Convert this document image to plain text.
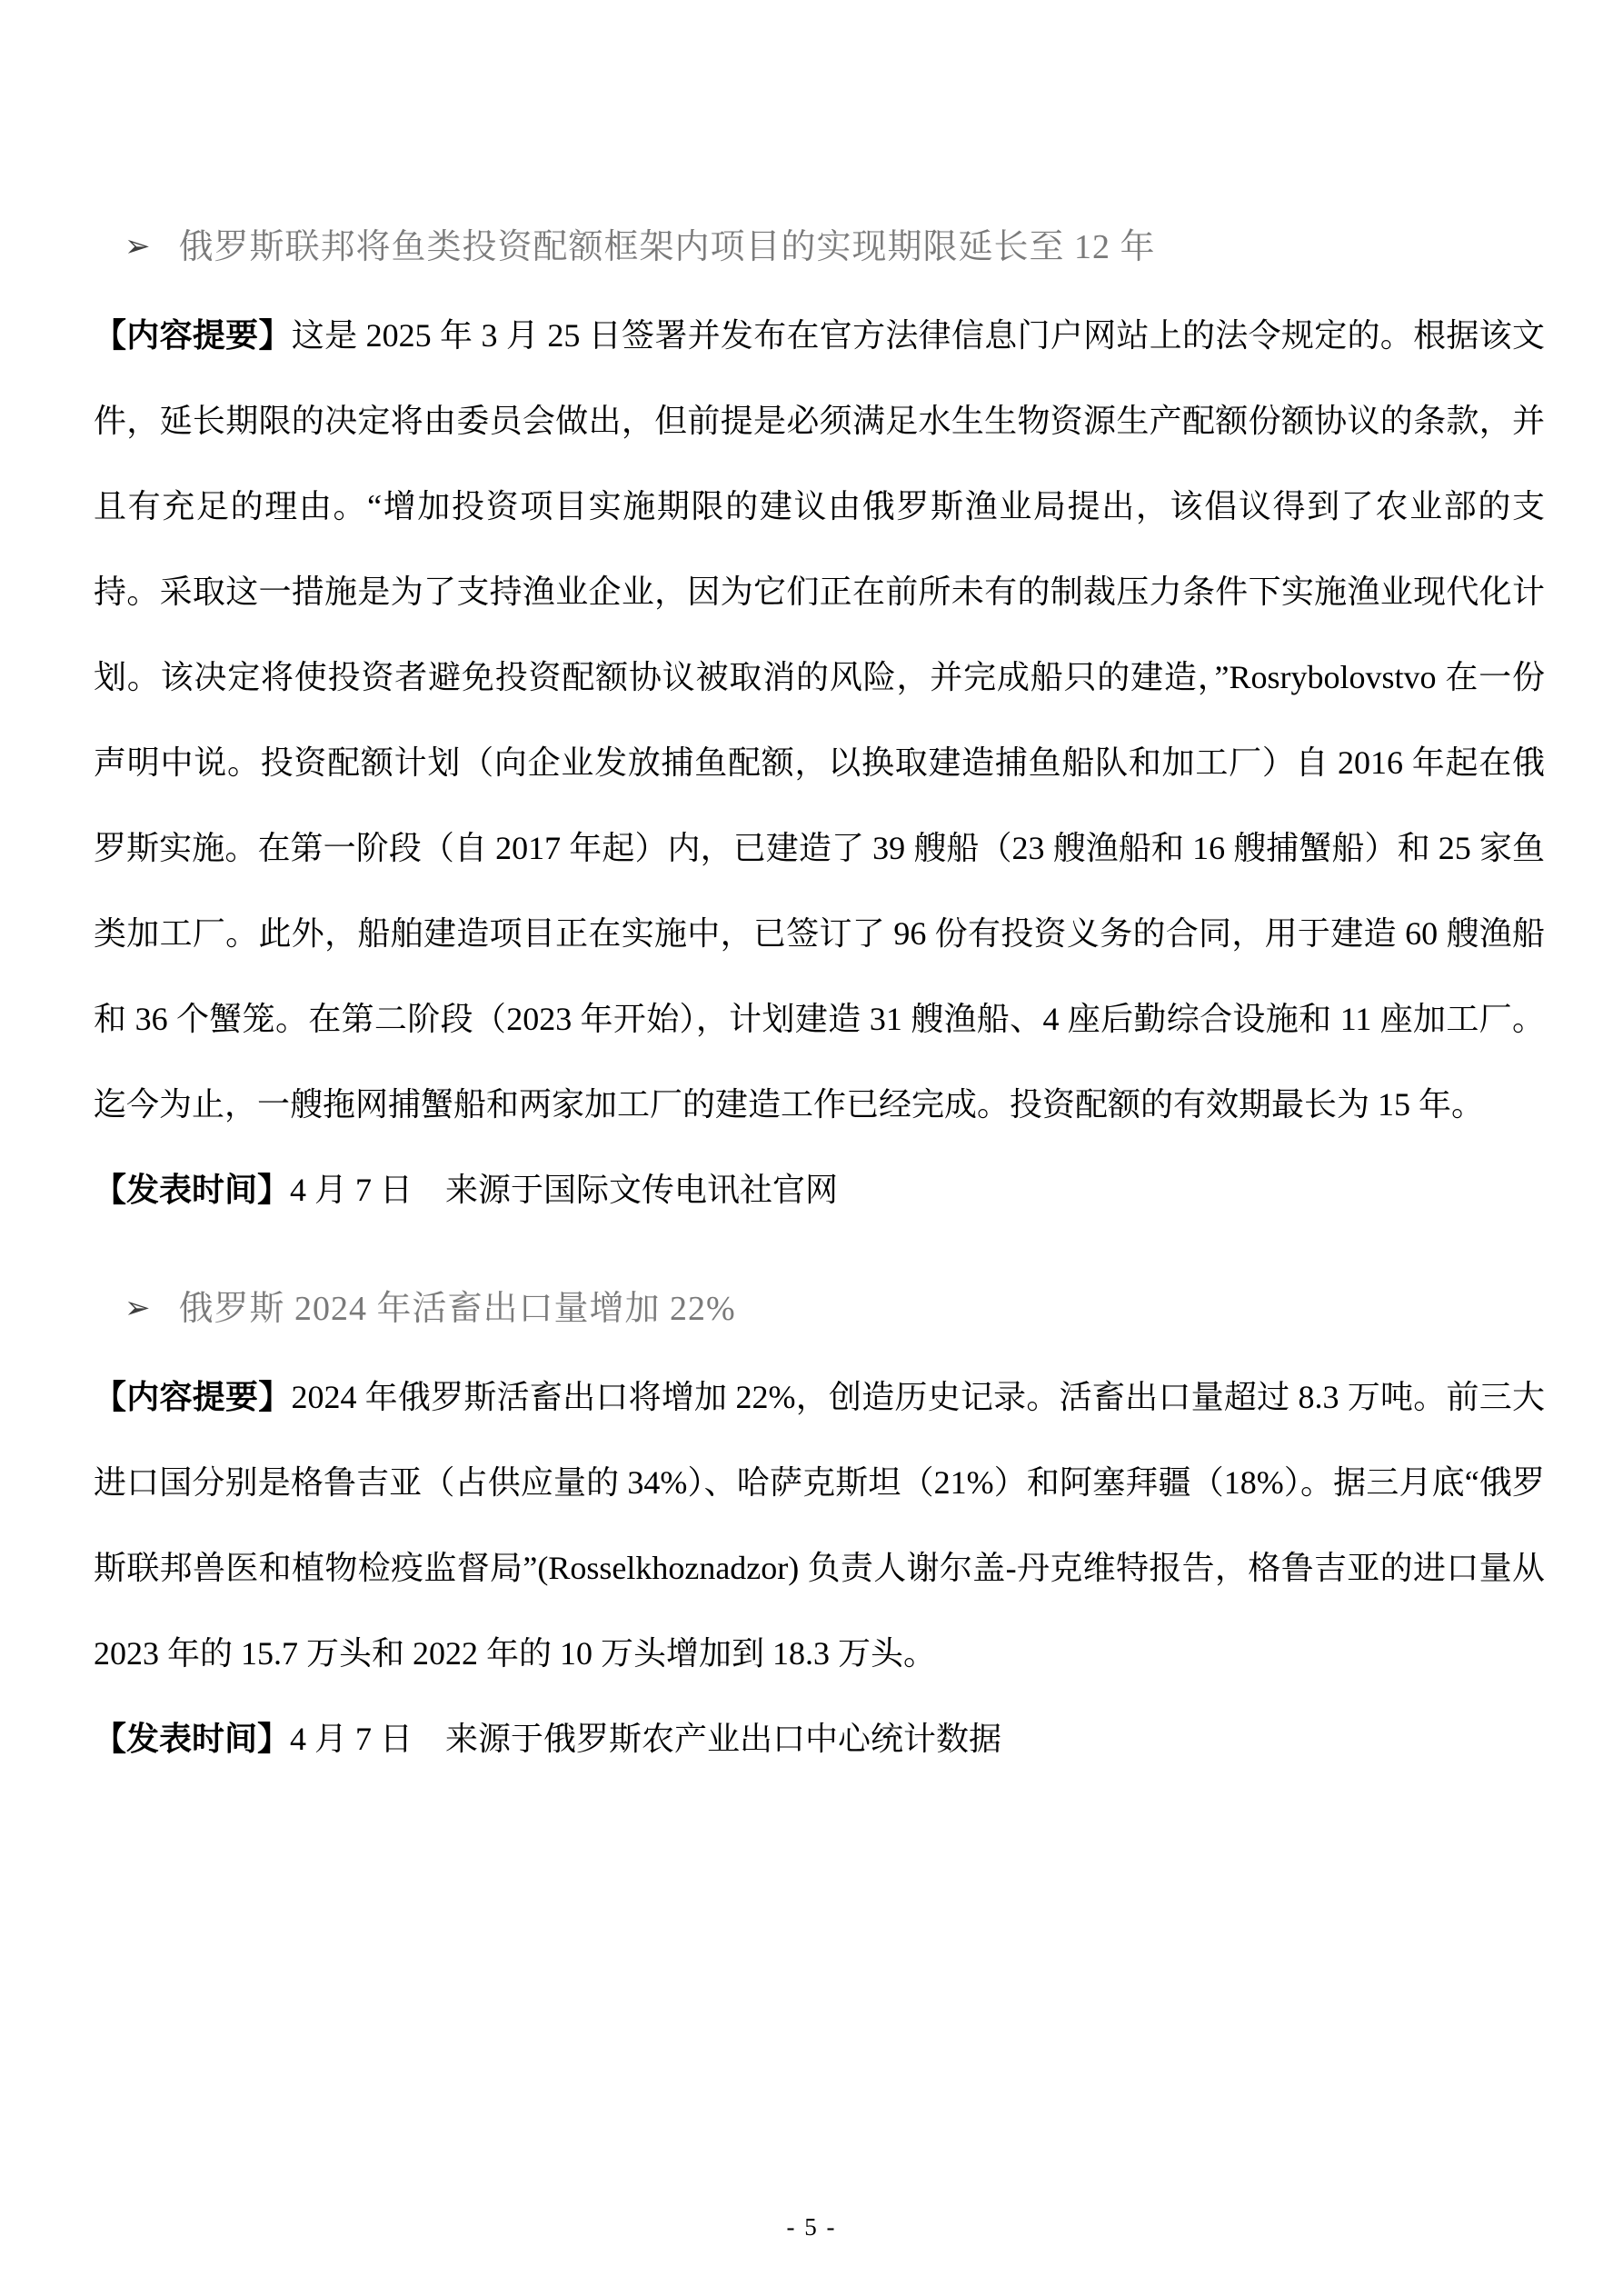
➢ 俄罗斯联邦将鱼类投资配额框架内项目的实现期限延长至 12 年

【内容提要】这是 2025 年 3 月 25 日签署并发布在官方法律信息门户网站上的法令规定的。根据该文件，延长期限的决定将由委员会做出，但前提是必须满足水生生物资源生产配额份额协议的条款，并且有充足的理由。“增加投资项目实施期限的建议由俄罗斯渔业局提出，该倡议得到了农业部的支持。采取这一措施是为了支持渔业企业，因为它们正在前所未有的制裁压力条件下实施渔业现代化计划。该决定将使投资者避免投资配额协议被取消的风险，并完成船只的建造，”Rosrybolovstvo 在一份声明中说。投资配额计划（向企业发放捕鱼配额，以换取建造捕鱼船队和加工厂）自 2016 年起在俄罗斯实施。在第一阶段（自 2017 年起）内，已建造了 39 艘船（23 艘渔船和 16 艘捕蟹船）和 25 家鱼类加工厂。此外，船舶建造项目正在实施中，已签订了 96 份有投资义务的合同，用于建造 60 艘渔船和 36 个蟹笼。在第二阶段（2023 年开始），计划建造 31 艘渔船、4 座后勤综合设施和 11 座加工厂。迄今为止，一艘拖网捕蟹船和两家加工厂的建造工作已经完成。投资配额的有效期最长为 15 年。

【发表时间】4 月 7 日　来源于国际文传电讯社官网

➢ 俄罗斯 2024 年活畜出口量增加 22%

【内容提要】2024 年俄罗斯活畜出口将增加 22%，创造历史记录。活畜出口量超过 8.3 万吨。前三大进口国分别是格鲁吉亚（占供应量的 34%）、哈萨克斯坦（21%）和阿塞拜疆（18%）。据三月底“俄罗斯联邦兽医和植物检疫监督局”(Rosselkhoznadzor) 负责人谢尔盖-丹克维特报告，格鲁吉亚的进口量从 2023 年的 15.7 万头和 2022 年的 10 万头增加到 18.3 万头。

【发表时间】4 月 7 日　来源于俄罗斯农产业出口中心统计数据

- 5 -
